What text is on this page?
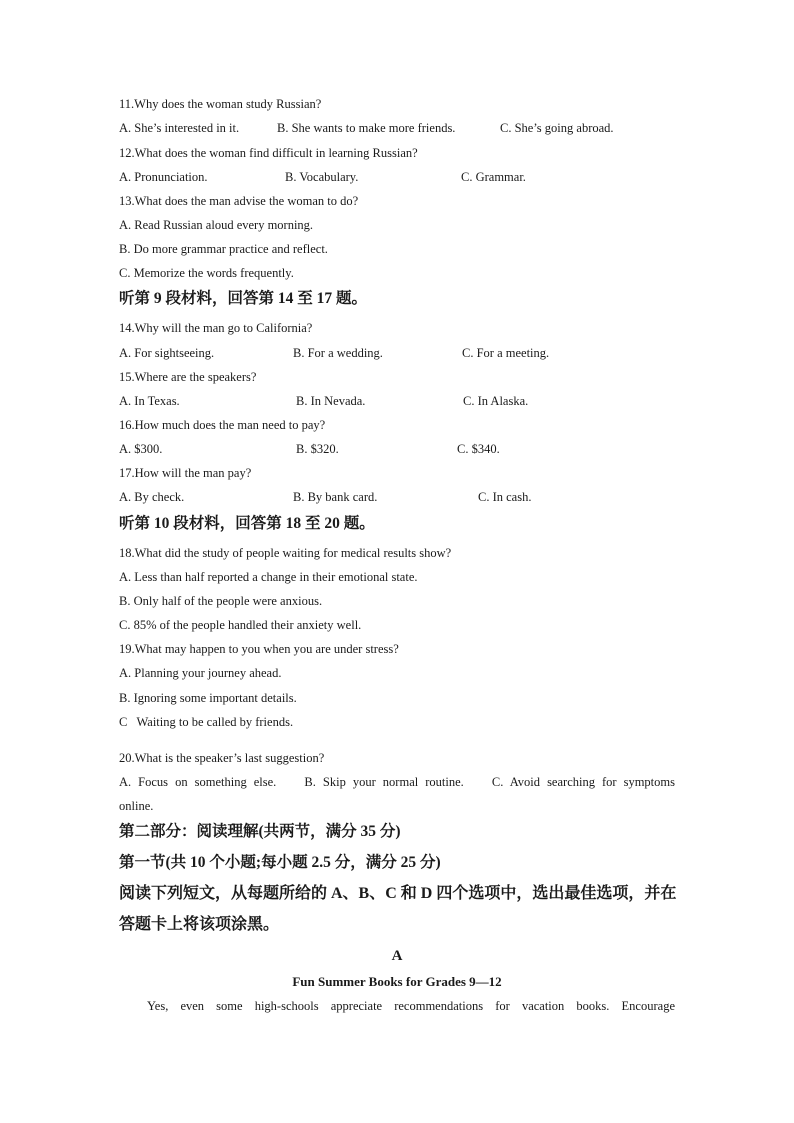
11.Why does the woman study Russian?
A. She’s interested in it.	B. She wants to make more friends.	C. She’s going abroad.
12.What does the woman find difficult in learning Russian?
A. Pronunciation.	B. Vocabulary.	C. Grammar.
13.What does the man advise the woman to do?
A. Read Russian aloud every morning.
B. Do more grammar practice and reflect.
C. Memorize the words frequently.
听第 9 段材料，回答第 14 至 17 题。
14.Why will the man go to California?
A. For sightseeing.	B. For a wedding.	C. For a meeting.
15.Where are the speakers?
A. In Texas.	B. In Nevada.	C. In Alaska.
16.How much does the man need to pay?
A. $300.	B. $320.	C. $340.
17.How will the man pay?
A. By check.	B. By bank card.	C. In cash.
听第 10 段材料，回答第 18 至 20 题。
18.What did the study of people waiting for medical results show?
A. Less than half reported a change in their emotional state.
B. Only half of the people were anxious.
C. 85% of the people handled their anxiety well.
19.What may happen to you when you are under stress?
A. Planning your journey ahead.
B. Ignoring some important details.
C   Waiting to be called by friends.
20.What is the speaker’s last suggestion?
A. Focus on something else.    B. Skip your normal routine.    C. Avoid searching for symptoms
online.
第二部分：阅读理解(共两节，满分 35 分)
第一节(共 10 个小题;每小题 2.5 分，满分 25 分)
阅读下列短文，从每题所给的 A、B、C 和 D 四个选项中，选出最佳选项，并在
答题卡上将该项涂黑。
A
Fun Summer Books for Grades 9—12
Yes, even some high-schools appreciate recommendations for vacation books. Encourage
